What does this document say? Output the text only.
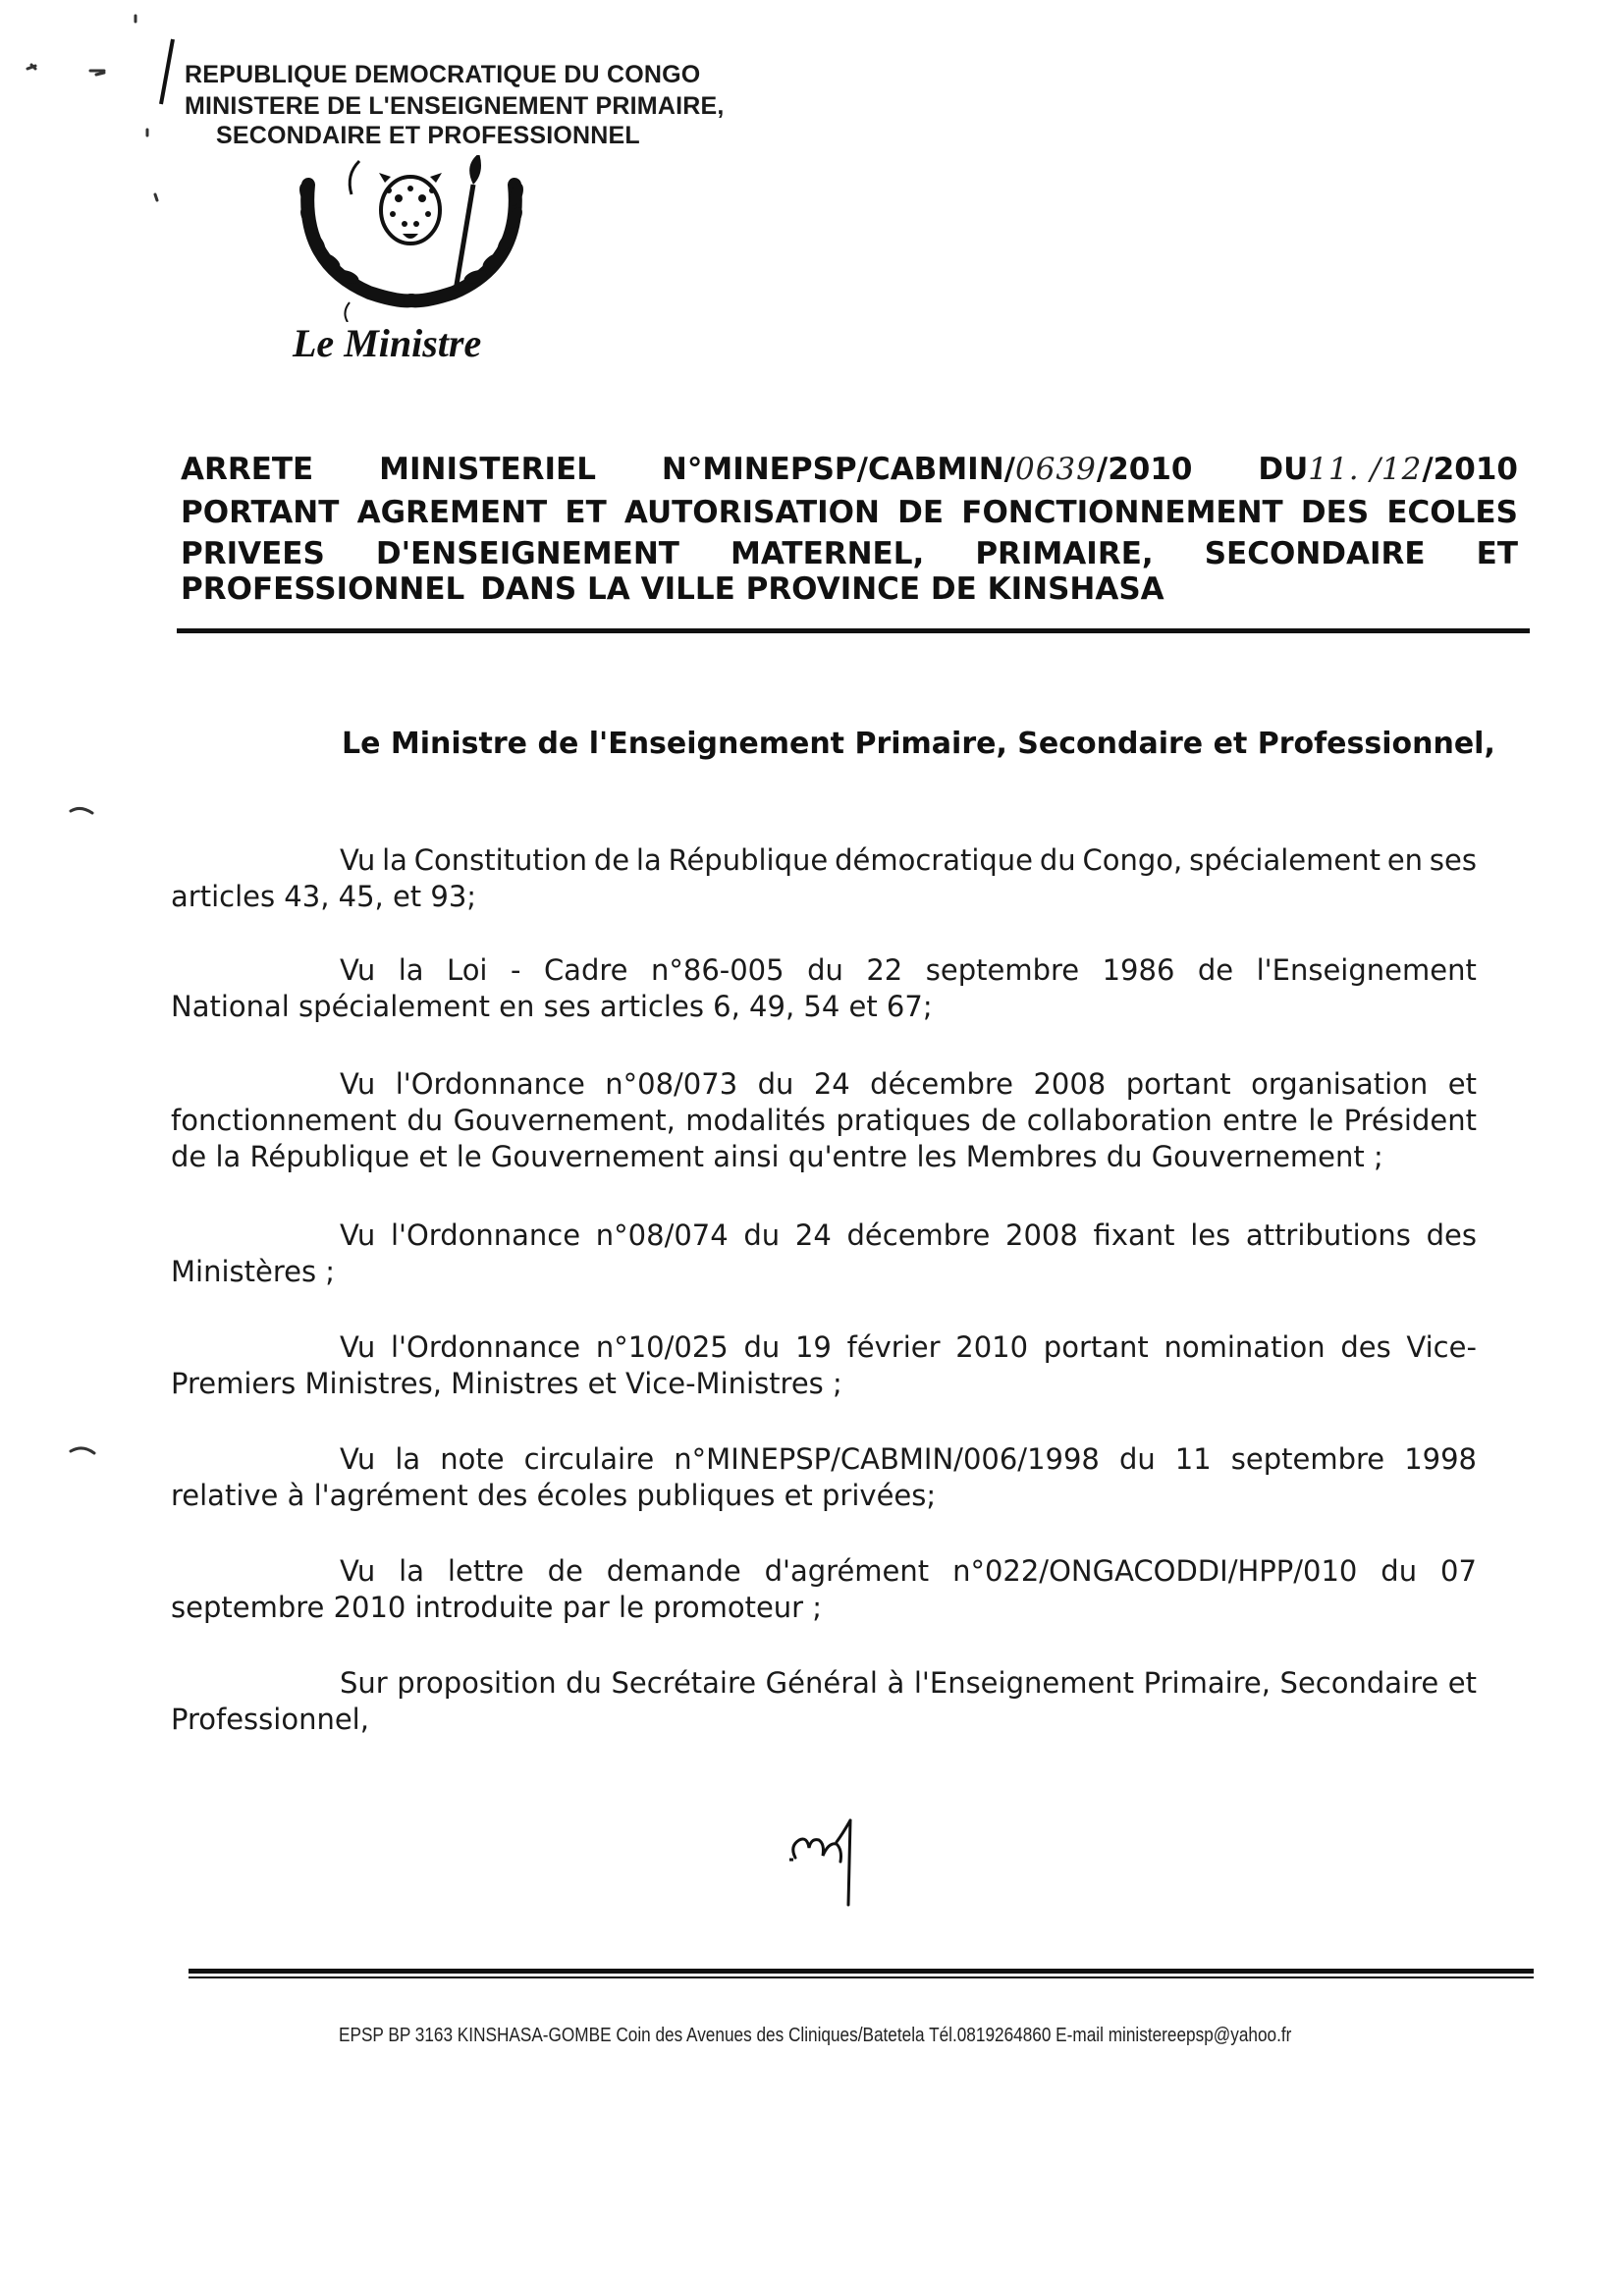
REPUBLIQUE DEMOCRATIQUE DU CONGO
MINISTERE DE L'ENSEIGNEMENT PRIMAIRE,
SECONDAIRE ET PROFESSIONNEL
Le Ministre
ARRETE MINISTERIEL N°MINEPSP/CABMIN/0639/2010 DU11. /12/2010
PORTANT AGREMENT ET AUTORISATION DE FONCTIONNEMENT DES ECOLES
PRIVEES D'ENSEIGNEMENT MATERNEL, PRIMAIRE, SECONDAIRE ET
PROFESSIONNEL DANS LA VILLE PROVINCE DE KINSHASA
Le Ministre de l'Enseignement Primaire, Secondaire et Professionnel,
Vu la Constitution de la République démocratique du Congo, spécialement en ses
articles 43, 45, et 93;
Vu la Loi - Cadre n°86-005 du 22 septembre 1986 de l'Enseignement
National spécialement en ses articles 6, 49, 54 et 67;
Vu l'Ordonnance n°08/073 du 24 décembre 2008 portant organisation et
fonctionnement du Gouvernement, modalités pratiques de collaboration entre le Président
de la République et le Gouvernement ainsi qu'entre les Membres du Gouvernement ;
Vu l'Ordonnance n°08/074 du 24 décembre 2008 fixant les attributions des
Ministères ;
Vu l'Ordonnance n°10/025 du 19 février 2010 portant nomination des Vice-
Premiers Ministres, Ministres et Vice-Ministres ;
Vu la note circulaire n°MINEPSP/CABMIN/006/1998 du 11 septembre 1998
relative à l'agrément des écoles publiques et privées;
Vu la lettre de demande d'agrément n°022/ONGACODDI/HPP/010 du 07
septembre 2010 introduite par le promoteur ;
Sur proposition du Secrétaire Général à l'Enseignement Primaire, Secondaire et
Professionnel,
EPSP BP 3163 KINSHASA-GOMBE Coin des Avenues des Cliniques/Batetela Tél.0819264860 E-mail ministereepsp@yahoo.fr
